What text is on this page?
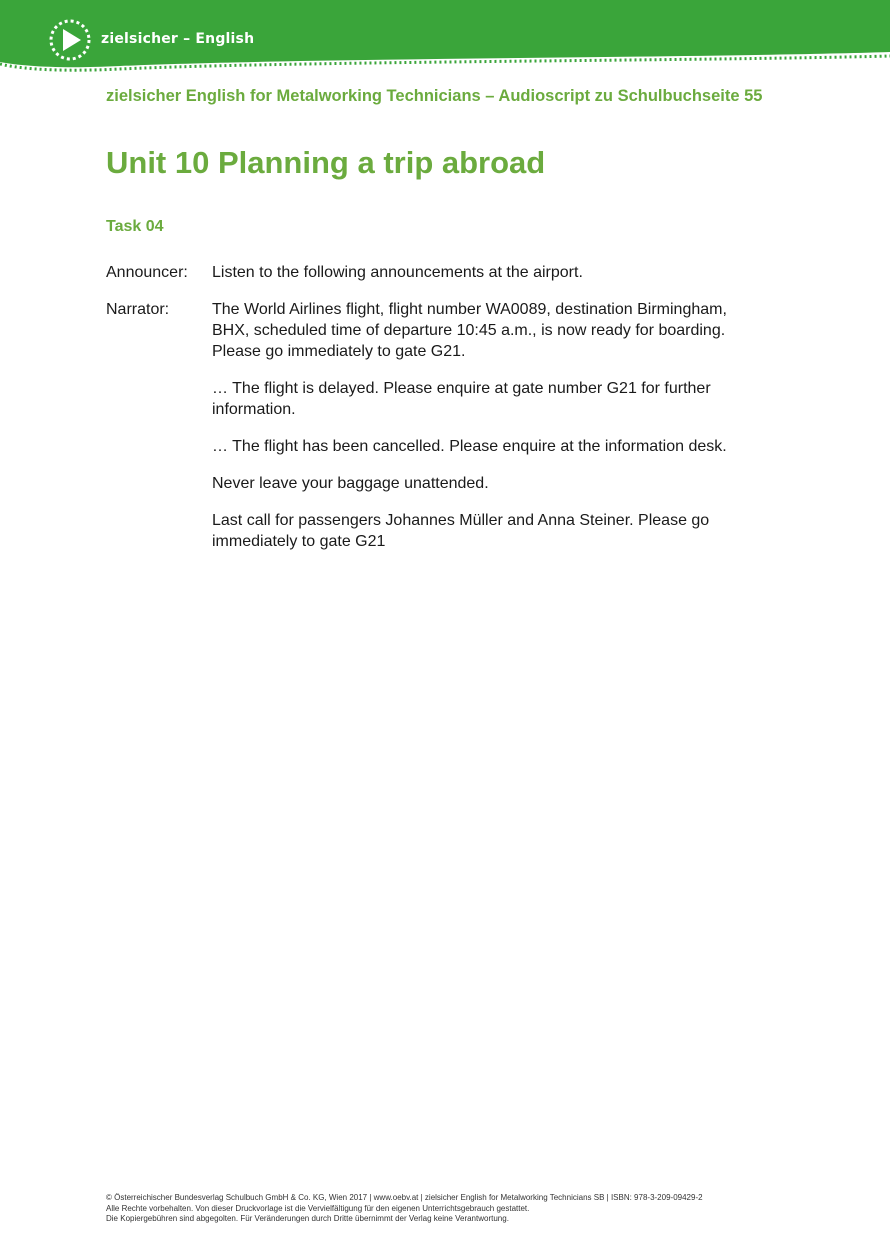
zielsicher – English
zielsicher English for Metalworking Technicians – Audioscript zu Schulbuchseite 55
Unit 10 Planning a trip abroad
Task 04
Announcer:	Listen to the following announcements at the airport.

Narrator:	The World Airlines flight, flight number WA0089, destination Birmingham, BHX, scheduled time of departure 10:45 a.m., is now ready for boarding. Please go immediately to gate G21.

… The flight is delayed. Please enquire at gate number G21 for further information.

… The flight has been cancelled. Please enquire at the information desk.

Never leave your baggage unattended.

Last call for passengers Johannes Müller and Anna Steiner. Please go immediately to gate G21

© Österreichischer Bundesverlag Schulbuch GmbH & Co. KG, Wien 2017 | www.oebv.at | zielsicher English for Metalworking Technicians SB | ISBN: 978-3-209-09429-2
Alle Rechte vorbehalten. Von dieser Druckvorlage ist die Vervielfältigung für den eigenen Unterrichtsgebrauch gestattet.
Die Kopiergebühren sind abgegolten. Für Veränderungen durch Dritte übernimmt der Verlag keine Verantwortung.
